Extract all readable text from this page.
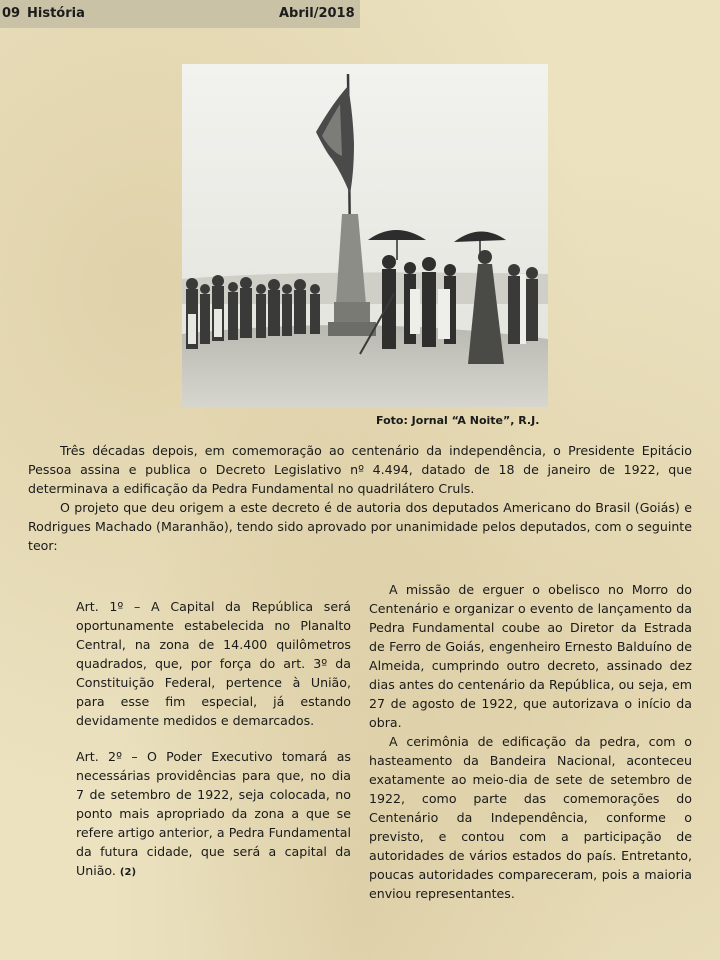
09 História	Abril/2018
Foto: Jornal “A Noite”, R.J.

Três décadas depois, em comemoração ao centenário da independência, o Presidente Epitácio Pessoa assina e publica o Decreto Legislativo nº 4.494, datado de 18 de janeiro de 1922, que determinava a edificação da Pedra Fundamental no quadrilátero Cruls.

O projeto que deu origem a este decreto é de autoria dos deputados Americano do Brasil (Goiás) e Rodrigues Machado (Maranhão), tendo sido aprovado por unanimidade pelos deputados, com o seguinte teor:

Art. 1º – A Capital da República será oportunamente estabelecida no Planalto Central, na zona de 14.400 quilômetros quadrados, que, por força do art. 3º da Constituição Federal, pertence à União, para esse fim especial, já estando devidamente medidos e demarcados.

Art. 2º – O Poder Executivo tomará as necessárias providências para que, no dia 7 de setembro de 1922, seja colocada, no ponto mais apropriado da zona a que se refere artigo anterior, a Pedra Fundamental da futura cidade, que será a capital da União. (2)

A missão de erguer o obelisco no Morro do Centenário e organizar o evento de lançamento da Pedra Fundamental coube ao Diretor da Estrada de Ferro de Goiás, engenheiro Ernesto Balduíno de Almeida, cumprindo outro decreto, assinado dez dias antes do centenário da República, ou seja, em 27 de agosto de 1922, que autorizava o início da obra.

A cerimônia de edificação da pedra, com o hasteamento da Bandeira Nacional, aconteceu exatamente ao meio-dia de sete de setembro de 1922, como parte das comemorações do Centenário da Independência, conforme o previsto, e contou com a participação de autoridades de vários estados do país. Entretanto, poucas autoridades compareceram, pois a maioria enviou representantes.
